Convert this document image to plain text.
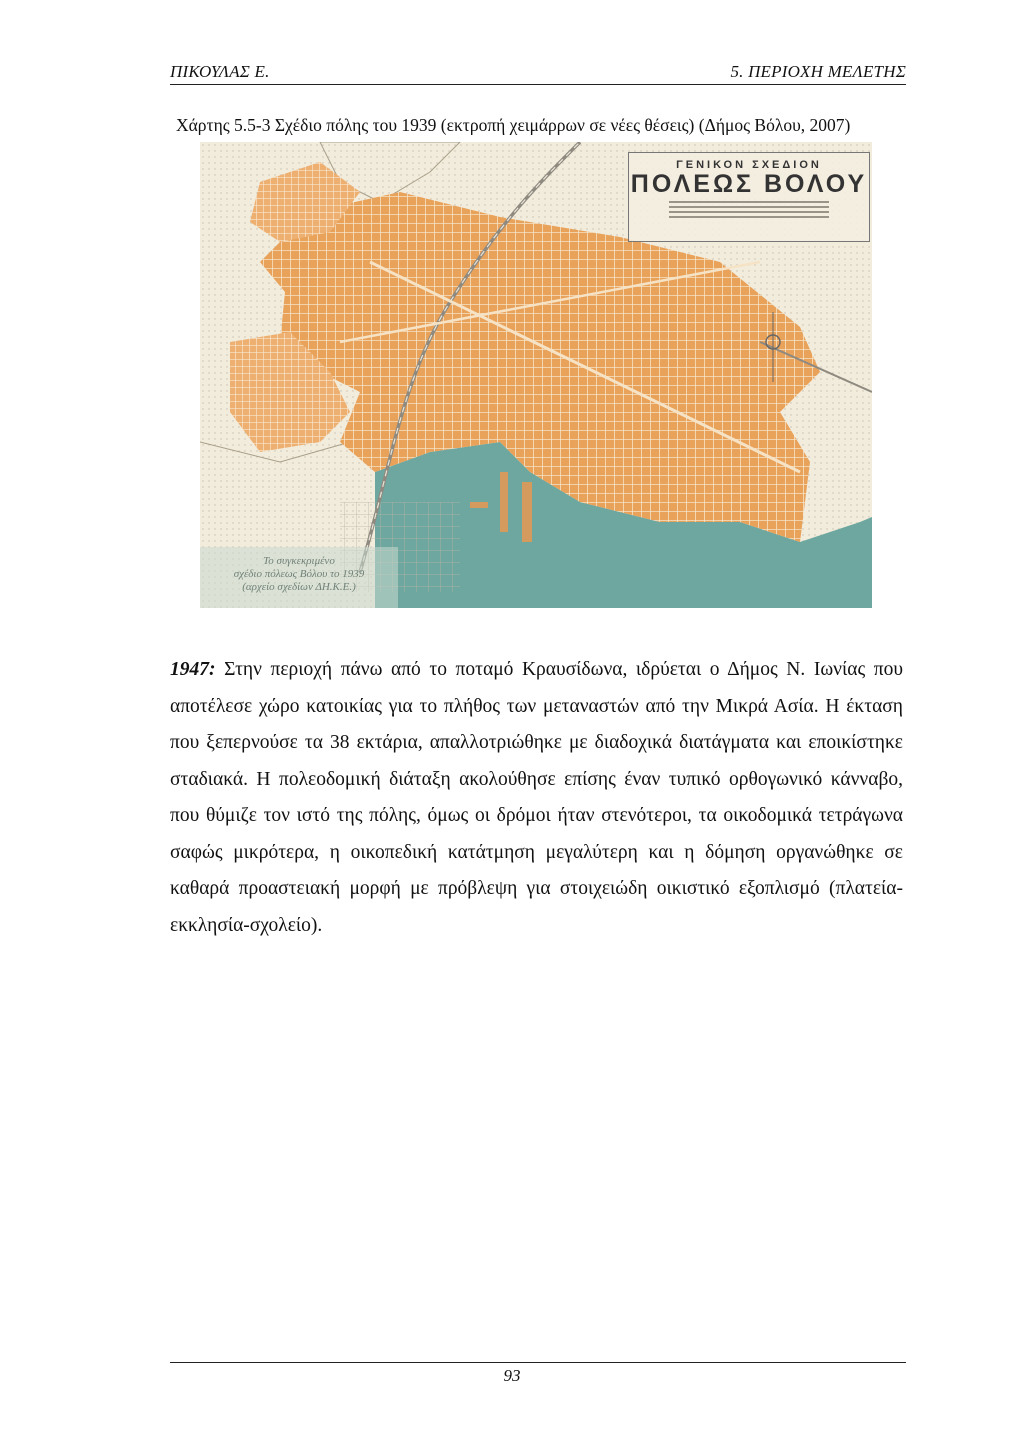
ΠΙΚΟΥΛΑΣ Ε.	5. ΠΕΡΙΟΧΗ ΜΕΛΕΤΗΣ
Χάρτης 5.5-3 Σχέδιο πόλης του 1939 (εκτροπή χειμάρρων σε νέες θέσεις) (Δήμος Βόλου, 2007)
ΓΕΝΙΚΟΝ ΣΧΕΔΙΟΝ
ΠΟΛΕΩΣ ΒΟΛΟΥ
Το συγκεκριμένο
σχέδιο πόλεως Βόλου το 1939
(αρχείο σχεδίων ΔΗ.Κ.Ε.)
1947: Στην περιοχή πάνω από το ποταμό Κραυσίδωνα, ιδρύεται ο Δήμος Ν. Ιωνίας που αποτέλεσε χώρο κατοικίας για το πλήθος των μεταναστών από την Μικρά Ασία. Η έκταση που ξεπερνούσε τα 38 εκτάρια, απαλλοτριώθηκε με διαδοχικά διατάγματα και εποικίστηκε σταδιακά. Η πολεοδομική διάταξη ακολούθησε επίσης έναν τυπικό ορθογωνικό κάνναβο, που θύμιζε τον ιστό της πόλης, όμως οι δρόμοι ήταν στενότεροι, τα οικοδομικά τετράγωνα σαφώς μικρότερα, η οικοπεδική κατάτμηση μεγαλύτερη και η δόμηση οργανώθηκε σε καθαρά προαστειακή μορφή με πρόβλεψη για στοιχειώδη οικιστικό εξοπλισμό (πλατεία- εκκλησία-σχολείο).
93
